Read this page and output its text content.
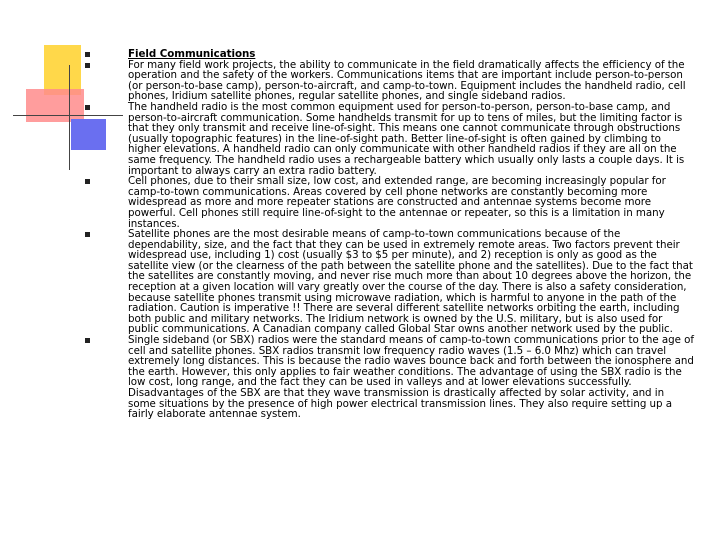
Field Communications
For many field work projects, the ability to communicate in the field dramatically affects the efficiency of the operation and the safety of the workers. Communications items that are important include person-to-person (or person-to-base camp), person-to-aircraft, and camp-to-town. Equipment includes the handheld radio, cell phones, Iridium satellite phones, regular satellite phones, and single sideband radios.
The handheld radio is the most common equipment used for person-to-person, person-to-base camp, and person-to-aircraft communication. Some handhelds transmit for up to tens of miles, but the limiting factor is that they only transmit and receive line-of-sight. This means one cannot communicate through obstructions (usually topographic features) in the line-of-sight path. Better line-of-sight is often gained by climbing to higher elevations. A handheld radio can only communicate with other handheld radios if they are all on the same frequency. The handheld radio uses a rechargeable battery which usually only lasts a couple days. It is important to always carry an extra radio battery.
Cell phones, due to their small size, low cost, and extended range, are becoming increasingly popular for camp-to-town communications. Areas covered by cell phone networks are constantly becoming more widespread as more and more repeater stations are constructed and antennae systems become more powerful. Cell phones still require line-of-sight to the antennae or repeater, so this is a limitation in many instances.
Satellite phones are the most desirable means of camp-to-town communications because of the dependability, size, and the fact that they can be used in extremely remote areas. Two factors prevent their widespread use, including 1) cost (usually $3 to $5 per minute), and 2) reception is only as good as the satellite view (or the clearness of the path between the satellite phone and the satellites). Due to the fact that the satellites are constantly moving, and never rise much more than about 10 degrees above the horizon, the reception at a given location will vary greatly over the course of the day. There is also a safety consideration, because satellite phones transmit using microwave radiation, which is harmful to anyone in the path of the radiation. Caution is imperative !! There are several different satellite networks orbiting the earth, including both public and military networks. The Iridium network is owned by the U.S. military, but is also used for public communications. A Canadian company called Global Star owns another network used by the public.
Single sideband (or SBX) radios were the standard means of camp-to-town communications prior to the age of cell and satellite phones. SBX radios transmit low frequency radio waves (1.5 – 6.0 Mhz) which can travel extremely long distances. This is because the radio waves bounce back and forth between the ionosphere and the earth. However, this only applies to fair weather conditions. The advantage of using the SBX radio is the low cost, long range, and the fact they can be used in valleys and at lower elevations successfully. Disadvantages of the SBX are that they wave transmission is drastically affected by solar activity, and in some situations by the presence of high power electrical transmission lines. They also require setting up a fairly elaborate antennae system.
